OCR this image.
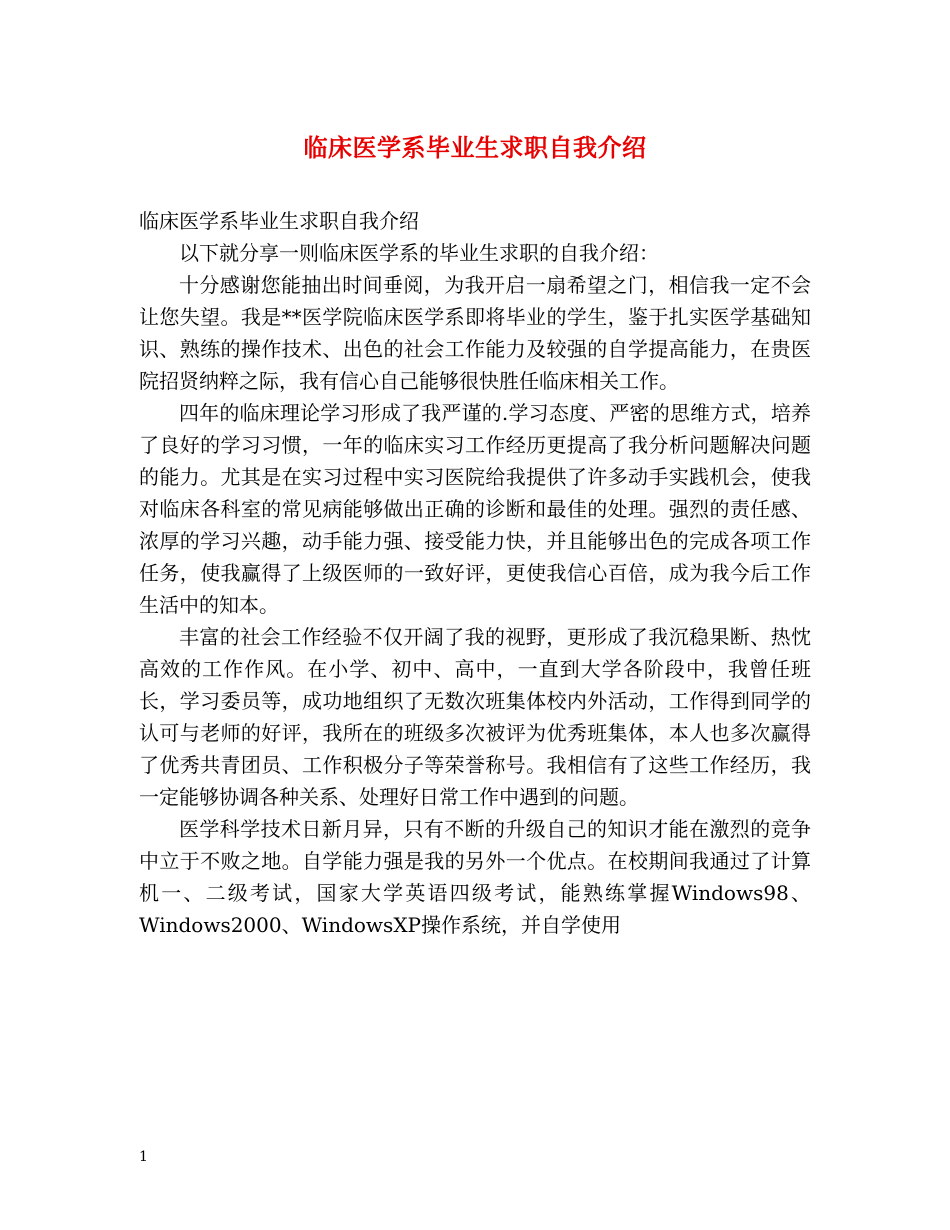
临床医学系毕业生求职自我介绍

临床医学系毕业生求职自我介绍

以下就分享一则临床医学系的毕业生求职的自我介绍：

十分感谢您能抽出时间垂阅，为我开启一扇希望之门，相信我一定不会让您失望。我是**医学院临床医学系即将毕业的学生，鉴于扎实医学基础知识、熟练的操作技术、出色的社会工作能力及较强的自学提高能力，在贵医院招贤纳粹之际，我有信心自己能够很快胜任临床相关工作。

四年的临床理论学习形成了我严谨的.学习态度、严密的思维方式，培养了良好的学习习惯，一年的临床实习工作经历更提高了我分析问题解决问题的能力。尤其是在实习过程中实习医院给我提供了许多动手实践机会，使我对临床各科室的常见病能够做出正确的诊断和最佳的处理。强烈的责任感、浓厚的学习兴趣，动手能力强、接受能力快，并且能够出色的完成各项工作任务，使我赢得了上级医师的一致好评，更使我信心百倍，成为我今后工作生活中的知本。

丰富的社会工作经验不仅开阔了我的视野，更形成了我沉稳果断、热忱高效的工作作风。在小学、初中、高中，一直到大学各阶段中，我曾任班长，学习委员等，成功地组织了无数次班集体校内外活动，工作得到同学的认可与老师的好评，我所在的班级多次被评为优秀班集体，本人也多次赢得了优秀共青团员、工作积极分子等荣誉称号。我相信有了这些工作经历，我一定能够协调各种关系、处理好日常工作中遇到的问题。

医学科学技术日新月异，只有不断的升级自己的知识才能在激烈的竞争中立于不败之地。自学能力强是我的另外一个优点。在校期间我通过了计算机一、二级考试，国家大学英语四级考试，能熟练掌握Windows98、Windows2000、WindowsXP操作系统，并自学使用

1
